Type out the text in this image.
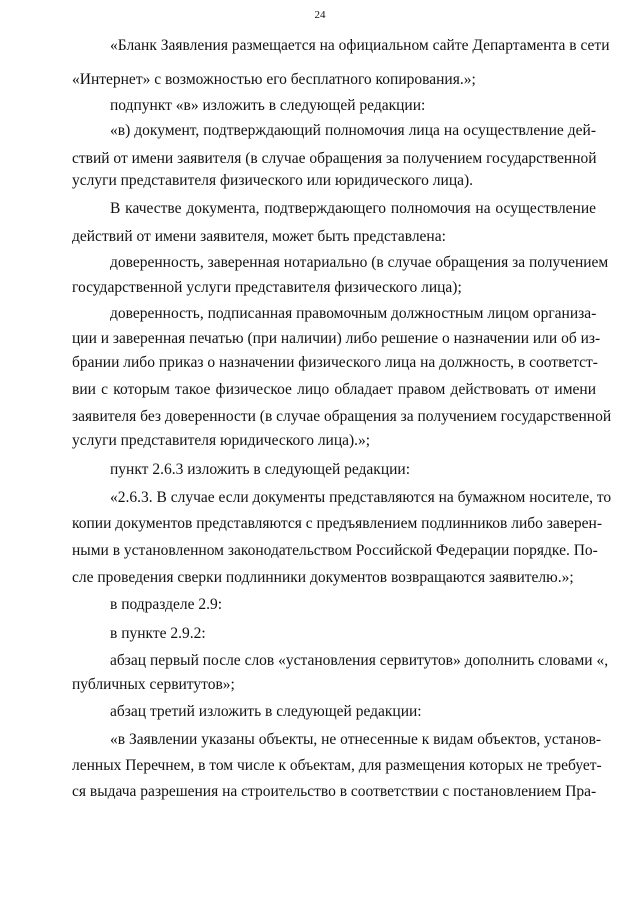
24
«Бланк Заявления размещается на официальном сайте Департамента в сети
«Интернет» с возможностью его бесплатного копирования.»;
подпункт «в» изложить в следующей редакции:
«в) документ, подтверждающий полномочия лица на осуществление дей-
ствий от имени заявителя (в случае обращения за получением государственной
услуги представителя физического или юридического лица).
В качестве документа, подтверждающего полномочия на осуществление
действий от имени заявителя, может быть представлена:
доверенность, заверенная нотариально (в случае обращения за получением
государственной услуги представителя физического лица);
доверенность, подписанная правомочным должностным лицом организа-
ции и заверенная печатью (при наличии) либо решение о назначении или об из-
брании либо приказ о назначении физического лица на должность, в соответст-
вии с которым такое физическое лицо обладает правом действовать от имени
заявителя без доверенности (в случае обращения за получением государственной
услуги представителя юридического лица).»;
пункт 2.6.3 изложить в следующей редакции:
«2.6.3. В случае если документы представляются на бумажном носителе, то
копии документов представляются с предъявлением подлинников либо заверен-
ными в установленном законодательством Российской Федерации порядке. По-
сле проведения сверки подлинники документов возвращаются заявителю.»;
в подразделе 2.9:
в пункте 2.9.2:
абзац первый после слов «установления сервитутов» дополнить словами «,
публичных сервитутов»;
абзац третий изложить в следующей редакции:
«в Заявлении указаны объекты, не отнесенные к видам объектов, установ-
ленных Перечнем, в том числе к объектам, для размещения которых не требует-
ся выдача разрешения на строительство в соответствии с постановлением Пра-
